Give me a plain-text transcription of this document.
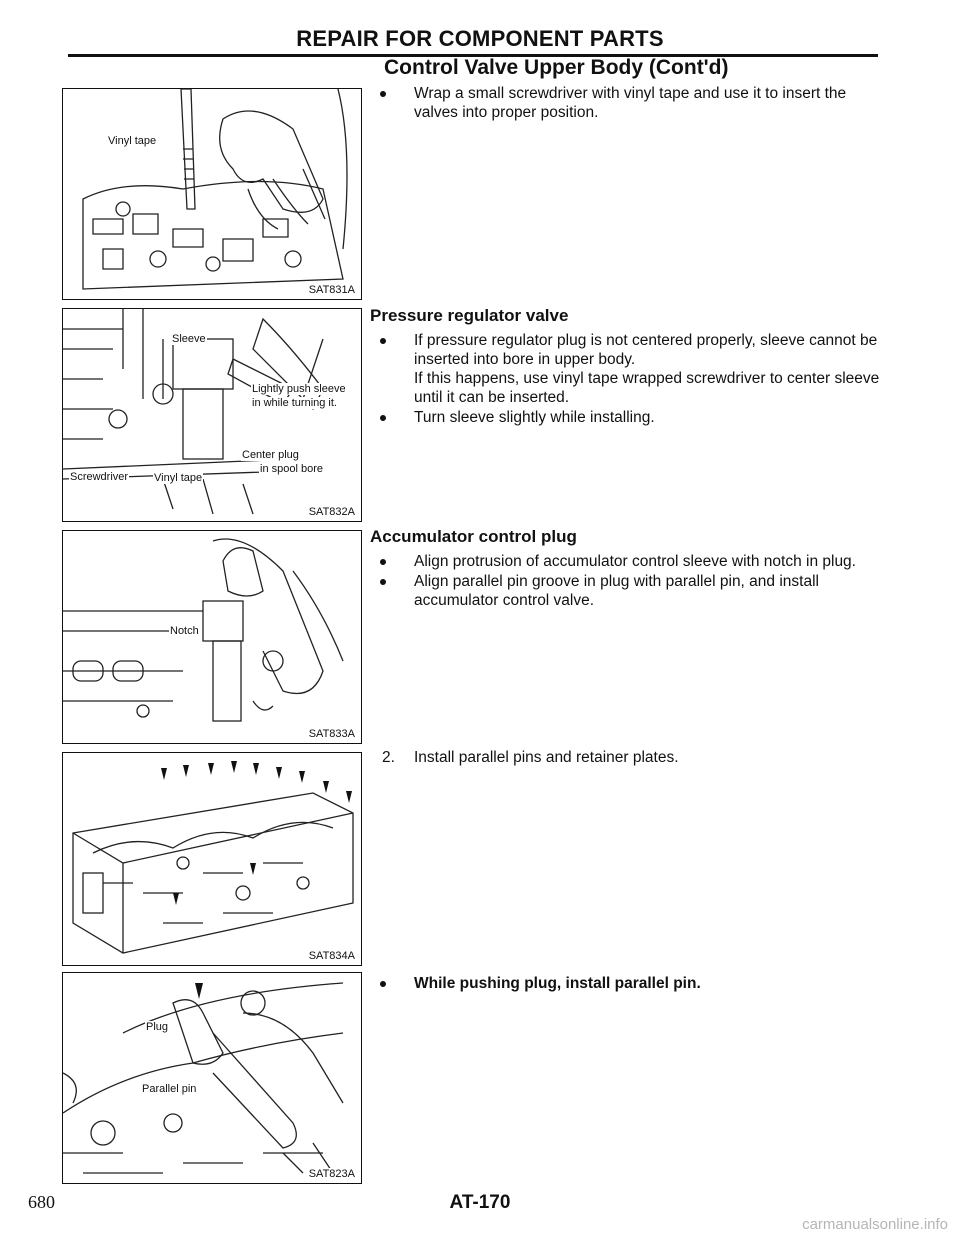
REPAIR FOR COMPONENT PARTS
Control Valve Upper Body (Cont'd)
Vinyl tape
SAT831A
Sleeve
Lightly push sleeve
in while turning it.
Center plug
in spool bore
Screwdriver Vinyl tape
SAT832A
Notch
SAT833A
SAT834A
Plug
Parallel pin
SAT823A
Wrap a small screwdriver with vinyl tape and use it to insert the valves into proper position.
Pressure regulator valve
If pressure regulator plug is not centered properly, sleeve cannot be inserted into bore in upper body.
If this happens, use vinyl tape wrapped screwdriver to center sleeve until it can be inserted.
Turn sleeve slightly while installing.
Accumulator control plug
Align protrusion of accumulator control sleeve with notch in plug.
Align parallel pin groove in plug with parallel pin, and install accumulator control valve.
2. Install parallel pins and retainer plates.
While pushing plug, install parallel pin.
680	AT-170
carmanualsonline.info
